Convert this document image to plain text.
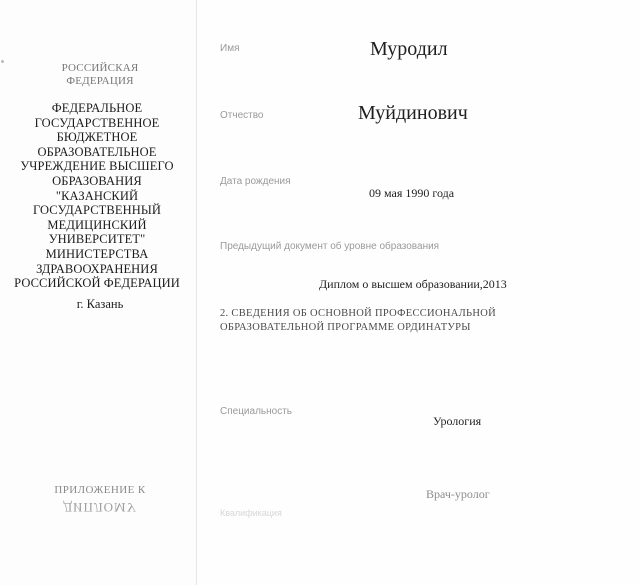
РОССИЙСКАЯ
ФЕДЕРАЦИЯ
ФЕДЕРАЛЬНОЕ
ГОСУДАРСТВЕННОЕ
БЮДЖЕТНОЕ
ОБРАЗОВАТЕЛЬНОЕ
УЧРЕЖДЕНИЕ ВЫСШЕГО
ОБРАЗОВАНИЯ
"КАЗАНСКИЙ
ГОСУДАРСТВЕННЫЙ
МЕДИЦИНСКИЙ
УНИВЕРСИТЕТ"
МИНИСТЕРСТВА
ЗДРАВООХРАНЕНИЯ
РОССИЙСКОЙ ФЕДЕРАЦИИ
г. Казань
ПРИЛОЖЕНИЕ К
ДИПЛОМУ
Имя	Муродил
Отчество	Муйдинович
Дата рождения
09 мая 1990 года
Предыдущий документ об уровне образования
Диплом о высшем образовании,2013
2. СВЕДЕНИЯ ОБ ОСНОВНОЙ ПРОФЕССИОНАЛЬНОЙ
ОБРАЗОВАТЕЛЬНОЙ ПРОГРАММЕ ОРДИНАТУРЫ
Специальность
Урология
Врач-уролог
Квалификация
